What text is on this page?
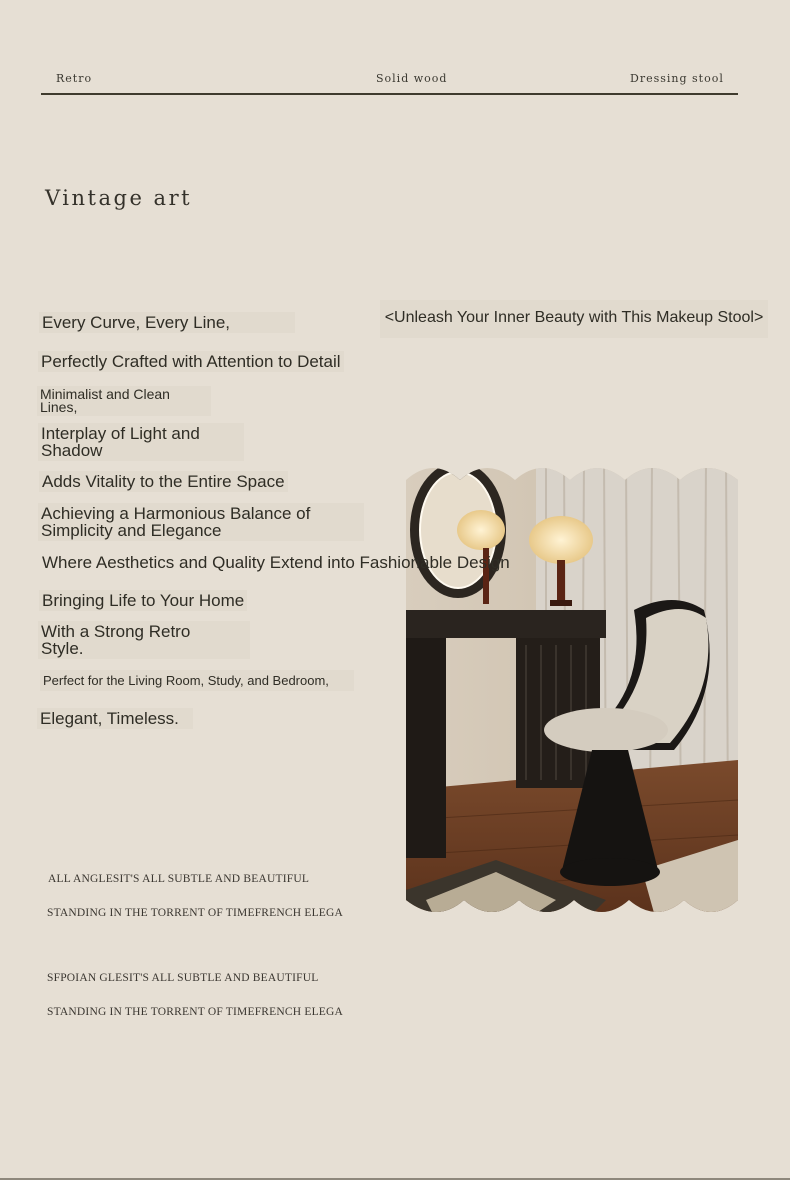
Retro	Solid wood	Dressing stool
Vintage art
<Unleash Your Inner Beauty with This Makeup Stool>

Every Curve, Every Line,

Perfectly Crafted with Attention to Detail

Minimalist and Clean
Lines,

Interplay of Light and
Shadow

Adds Vitality to the Entire Space

Achieving a Harmonious Balance of
Simplicity and Elegance

Where Aesthetics and Quality Extend into Fashionable Design

Bringing Life to Your Home

With a Strong Retro
Style.

Perfect for the Living Room, Study, and Bedroom,

Elegant, Timeless.

ALL ANGLESIT'S ALL SUBTLE AND BEAUTIFUL
STANDING IN THE TORRENT OF TIMEFRENCH ELEGA
SFPOIAN GLESIT'S ALL SUBTLE AND BEAUTIFUL
STANDING IN THE TORRENT OF TIMEFRENCH ELEGA
